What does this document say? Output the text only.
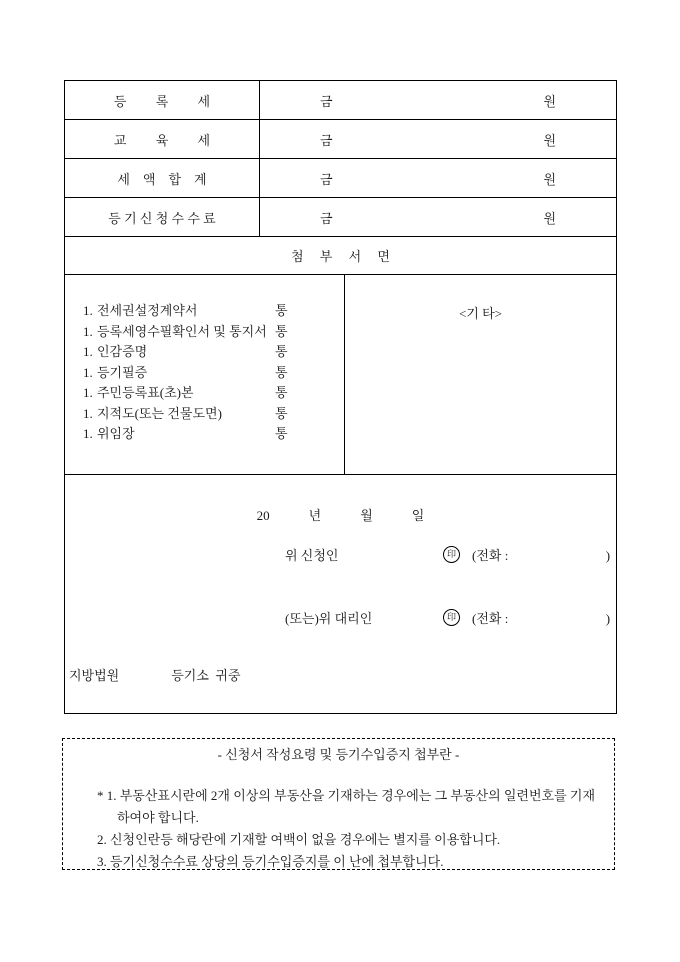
등         록         세	금	원
교         육         세	금	원
세    액    합    계	금	원
등 기 신 청 수 수 료	금	원
첨     부     서     면
1. 전세권설정계약서	통
1. 등록세영수필확인서 및 통지서 통
1. 인감증명	통
1. 등기필증	통
1. 주민등록표(초)본	통
1. 지적도(또는 건물도면)	통
1. 위임장	통
<기 타>
20            년            월            일
위 신청인	印 (전화 :                              )
(또는)위 대리인	印 (전화 :                              )
지방법원                등기소  귀중
- 신청서 작성요령 및 등기수입증지 첩부란 -
* 1. 부동산표시란에 2개 이상의 부동산을 기재하는 경우에는 그 부동산의 일련번호를 기재하여야 합니다.
2. 신청인란등 해당란에 기재할 여백이 없을 경우에는 별지를 이용합니다.
3. 등기신청수수료 상당의 등기수입증지를 이 난에 첩부합니다.
